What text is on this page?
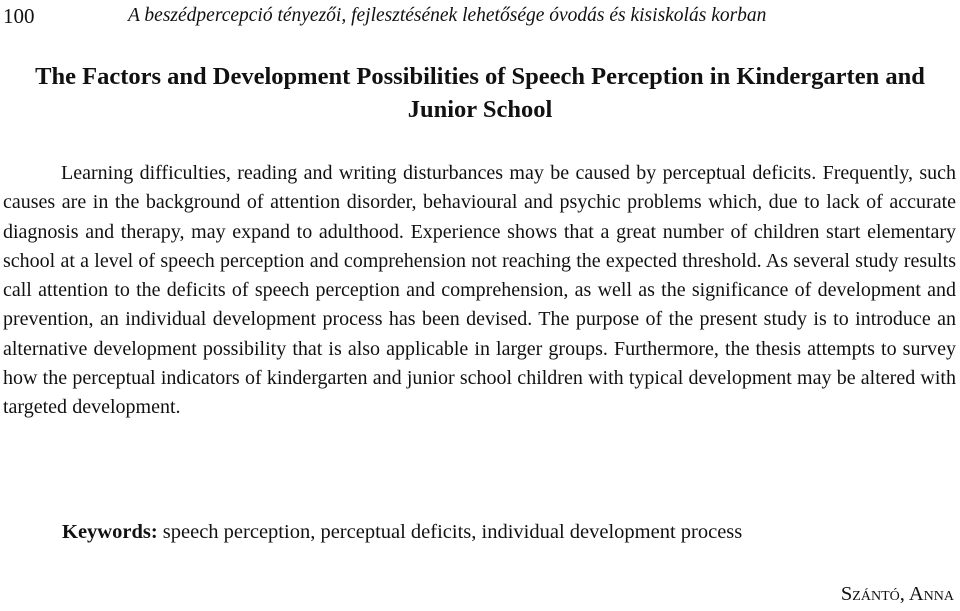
100	A beszédpercepció tényezői, fejlesztésének lehetősége óvodás és kisiskolás korban
The Factors and Development Possibilities of Speech Perception in Kindergarten and Junior School

Learning difficulties, reading and writing disturbances may be caused by perceptual deficits. Frequently, such causes are in the background of attention disorder, behavioural and psychic problems which, due to lack of accurate diagnosis and therapy, may expand to adulthood. Experience shows that a great number of children start elementary school at a level of speech perception and comprehension not reaching the expected threshold. As several study results call attention to the deficits of speech perception and comprehension, as well as the significance of development and prevention, an individual development process has been devised. The purpose of the present study is to introduce an alternative development possibility that is also applicable in larger groups. Furthermore, the thesis attempts to survey how the perceptual indicators of kindergarten and junior school children with typical development may be altered with targeted development.

Keywords: speech perception, perceptual deficits, individual development process

Szántó, Anna
